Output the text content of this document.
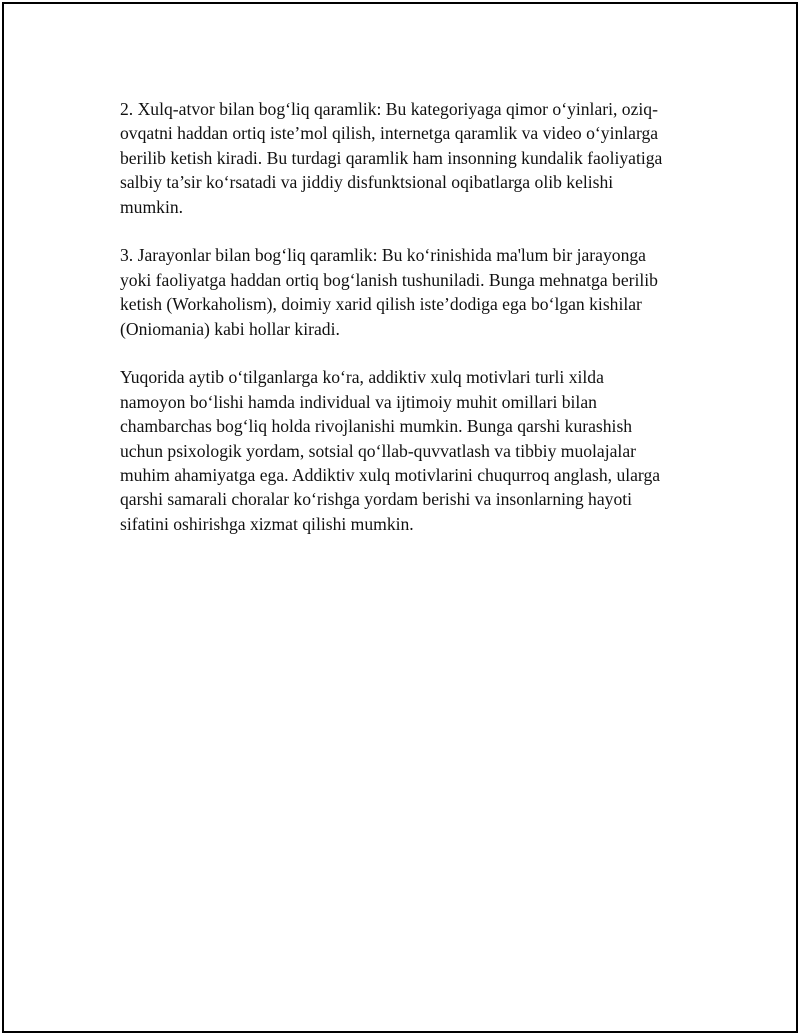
2. Xulq-atvor bilan bog‘liq qaramlik: Bu kategoriyaga qimor o‘yinlari, oziq-
ovqatni haddan ortiq iste’mol qilish, internetga qaramlik va video o‘yinlarga
berilib ketish kiradi. Bu turdagi qaramlik ham insonning kundalik faoliyatiga
salbiy ta’sir ko‘rsatadi va jiddiy disfunktsional oqibatlarga olib kelishi
mumkin.

3. Jarayonlar bilan bog‘liq qaramlik: Bu ko‘rinishida ma'lum bir jarayonga
yoki faoliyatga haddan ortiq bog‘lanish tushuniladi. Bunga mehnatga berilib
ketish (Workaholism), doimiy xarid qilish iste’dodiga ega bo‘lgan kishilar
(Oniomania) kabi hollar kiradi.

Yuqorida aytib o‘tilganlarga ko‘ra, addiktiv xulq motivlari turli xilda
namoyon bo‘lishi hamda individual va ijtimoiy muhit omillari bilan
chambarchas bog‘liq holda rivojlanishi mumkin. Bunga qarshi kurashish
uchun psixologik yordam, sotsial qo‘llab-quvvatlash va tibbiy muolajalar
muhim ahamiyatga ega. Addiktiv xulq motivlarini chuqurroq anglash, ularga
qarshi samarali choralar ko‘rishga yordam berishi va insonlarning hayoti
sifatini oshirishga xizmat qilishi mumkin.
